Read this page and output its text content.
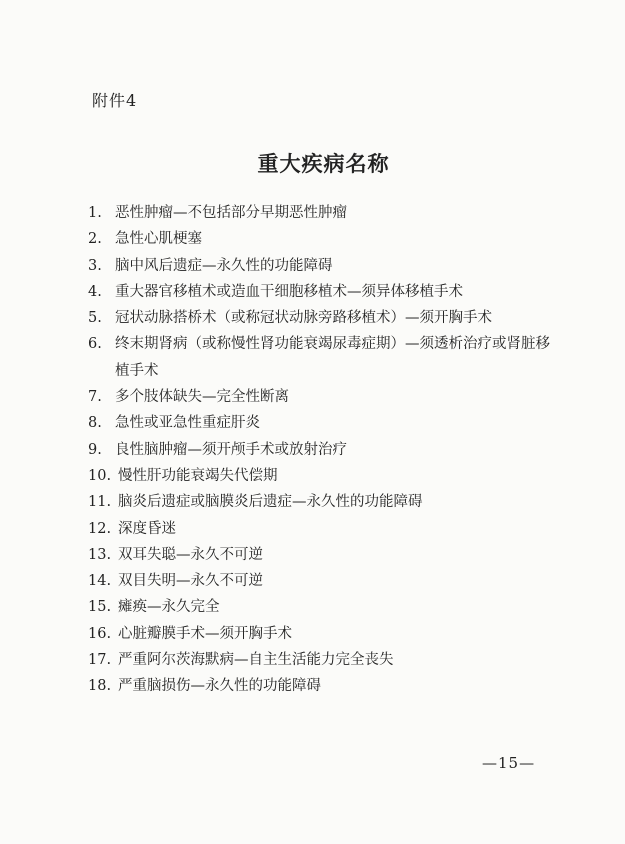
附件4
重大疾病名称
1. 恶性肿瘤—不包括部分早期恶性肿瘤
2. 急性心肌梗塞
3. 脑中风后遗症—永久性的功能障碍
4. 重大器官移植术或造血干细胞移植术—须异体移植手术
5. 冠状动脉搭桥术（或称冠状动脉旁路移植术）—须开胸手术
6. 终末期肾病（或称慢性肾功能衰竭尿毒症期）—须透析治疗或肾脏移植手术
7. 多个肢体缺失—完全性断离
8. 急性或亚急性重症肝炎
9. 良性脑肿瘤—须开颅手术或放射治疗
10. 慢性肝功能衰竭失代偿期
11. 脑炎后遗症或脑膜炎后遗症—永久性的功能障碍
12. 深度昏迷
13. 双耳失聪—永久不可逆
14. 双目失明—永久不可逆
15. 瘫痪—永久完全
16. 心脏瓣膜手术—须开胸手术
17. 严重阿尔茨海默病—自主生活能力完全丧失
18. 严重脑损伤—永久性的功能障碍
—15—
